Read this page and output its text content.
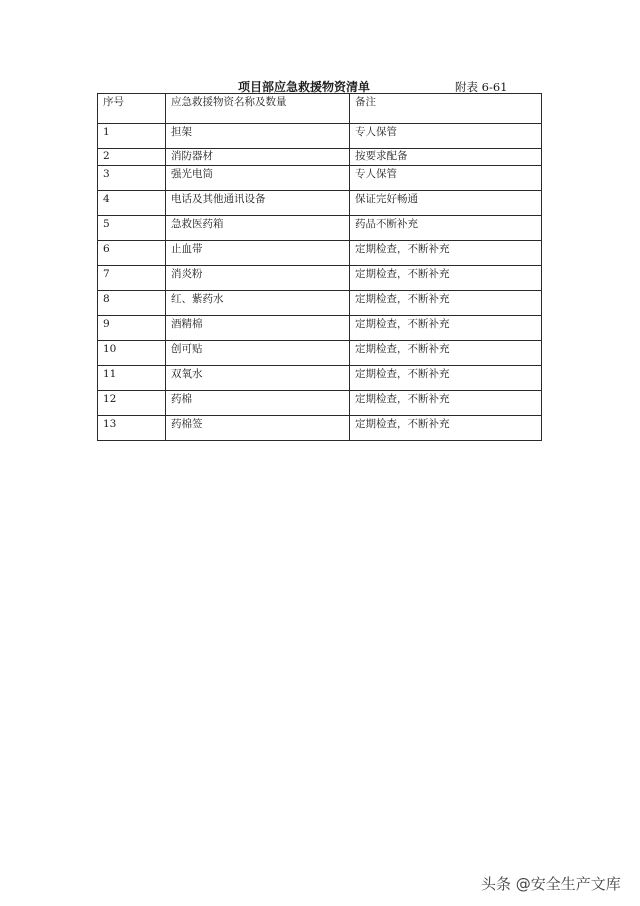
项目部应急救援物资清单	附表 6-61
序号	应急救援物资名称及数量	备注
1	担架	专人保管
2	消防器材	按要求配备
3	强光电筒	专人保管
4	电话及其他通讯设备	保证完好畅通
5	急救医药箱	药品不断补充
6	止血带	定期检查，不断补充
7	消炎粉	定期检查，不断补充
8	红、紫药水	定期检查，不断补充
9	酒精棉	定期检查，不断补充
10	创可贴	定期检查，不断补充
11	双氧水	定期检查，不断补充
12	药棉	定期检查，不断补充
13	药棉签	定期检查，不断补充
头条 @安全生产文库
